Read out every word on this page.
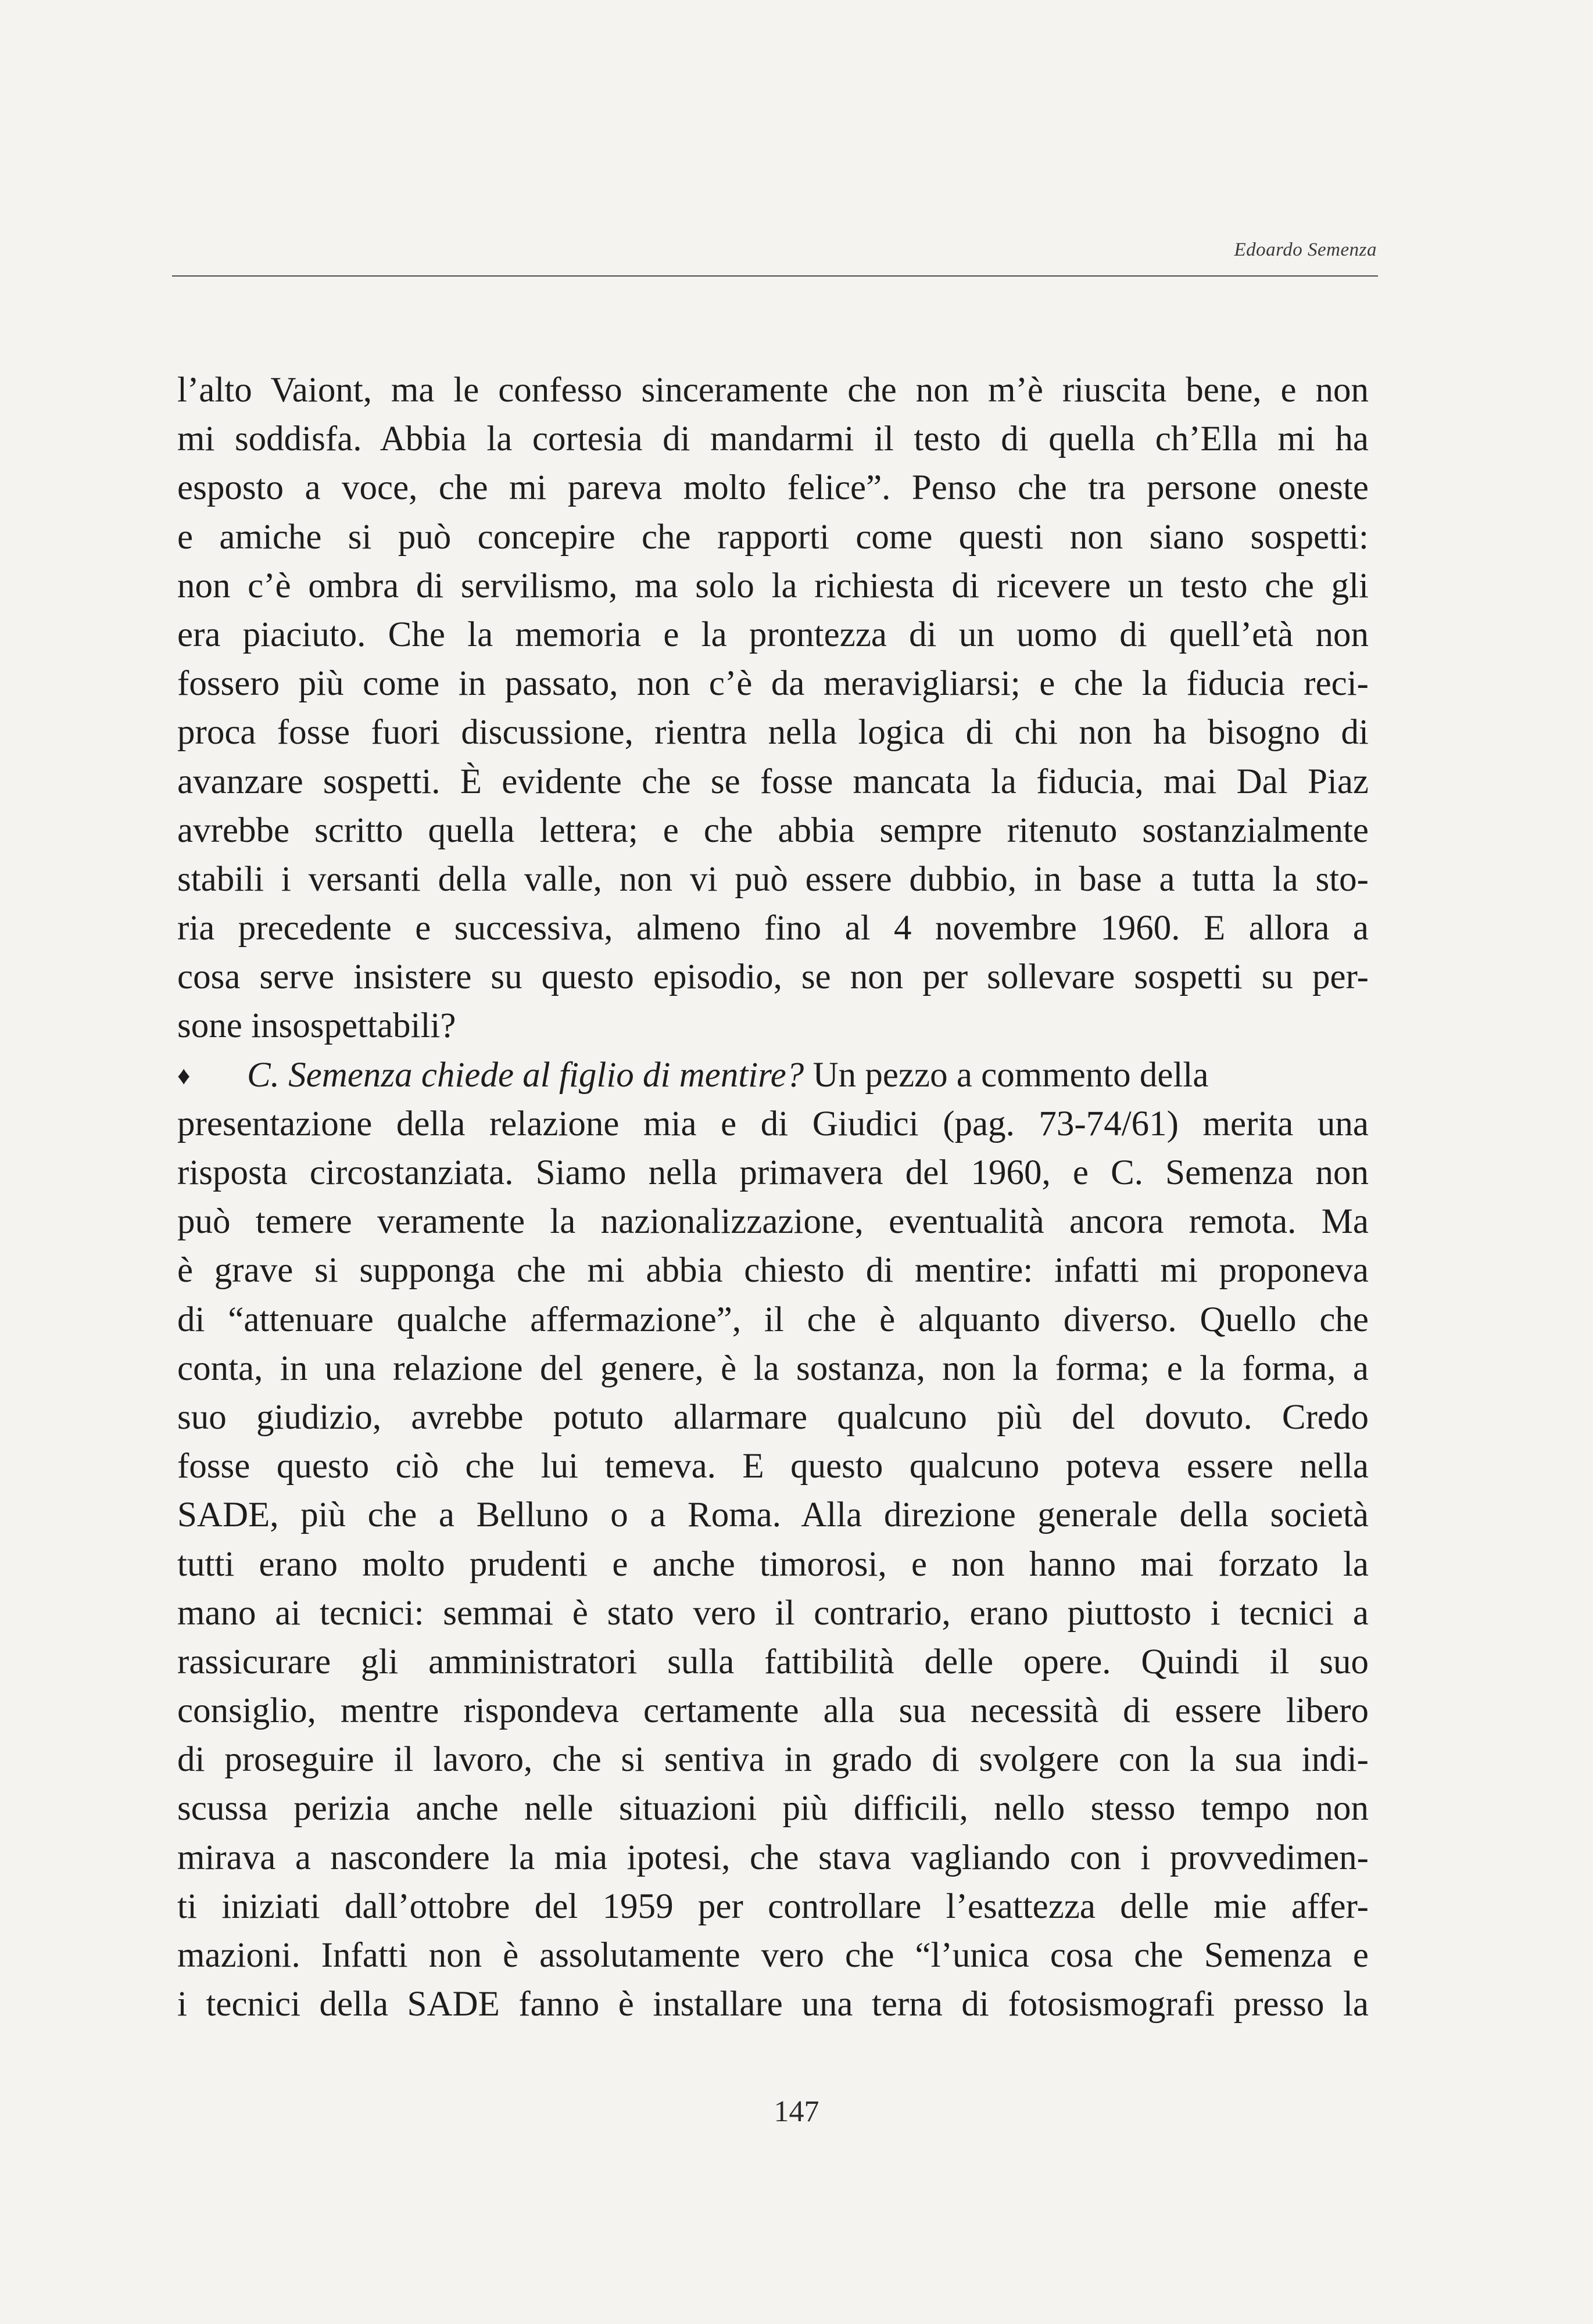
Edoardo Semenza
l’alto Vaiont, ma le confesso sinceramente che non m’è riuscita bene, e non
mi soddisfa. Abbia la cortesia di mandarmi il testo di quella ch’Ella mi ha
esposto a voce, che mi pareva molto felice”. Penso che tra persone oneste
e amiche si può concepire che rapporti come questi non siano sospetti:
non c’è ombra di servilismo, ma solo la richiesta di ricevere un testo che gli
era piaciuto. Che la memoria e la prontezza di un uomo di quell’età non
fossero più come in passato, non c’è da meravigliarsi; e che la fiducia reci-
proca fosse fuori discussione, rientra nella logica di chi non ha bisogno di
avanzare sospetti. È evidente che se fosse mancata la fiducia, mai Dal Piaz
avrebbe scritto quella lettera; e che abbia sempre ritenuto sostanzialmente
stabili i versanti della valle, non vi può essere dubbio, in base a tutta la sto-
ria precedente e successiva, almeno fino al 4 novembre 1960. E allora a
cosa serve insistere su questo episodio, se non per sollevare sospetti su per-
sone insospettabili?
♦ C. Semenza chiede al figlio di mentire? Un pezzo a commento della
presentazione della relazione mia e di Giudici (pag. 73-74/61) merita una
risposta circostanziata. Siamo nella primavera del 1960, e C. Semenza non
può temere veramente la nazionalizzazione, eventualità ancora remota. Ma
è grave si supponga che mi abbia chiesto di mentire: infatti mi proponeva
di “attenuare qualche affermazione”, il che è alquanto diverso. Quello che
conta, in una relazione del genere, è la sostanza, non la forma; e la forma, a
suo giudizio, avrebbe potuto allarmare qualcuno più del dovuto. Credo
fosse questo ciò che lui temeva. E questo qualcuno poteva essere nella
SADE, più che a Belluno o a Roma. Alla direzione generale della società
tutti erano molto prudenti e anche timorosi, e non hanno mai forzato la
mano ai tecnici: semmai è stato vero il contrario, erano piuttosto i tecnici a
rassicurare gli amministratori sulla fattibilità delle opere. Quindi il suo
consiglio, mentre rispondeva certamente alla sua necessità di essere libero
di proseguire il lavoro, che si sentiva in grado di svolgere con la sua indi-
scussa perizia anche nelle situazioni più difficili, nello stesso tempo non
mirava a nascondere la mia ipotesi, che stava vagliando con i provvedimen-
ti iniziati dall’ottobre del 1959 per controllare l’esattezza delle mie affer-
mazioni. Infatti non è assolutamente vero che “l’unica cosa che Semenza e
i tecnici della SADE fanno è installare una terna di fotosismografi presso la
147
